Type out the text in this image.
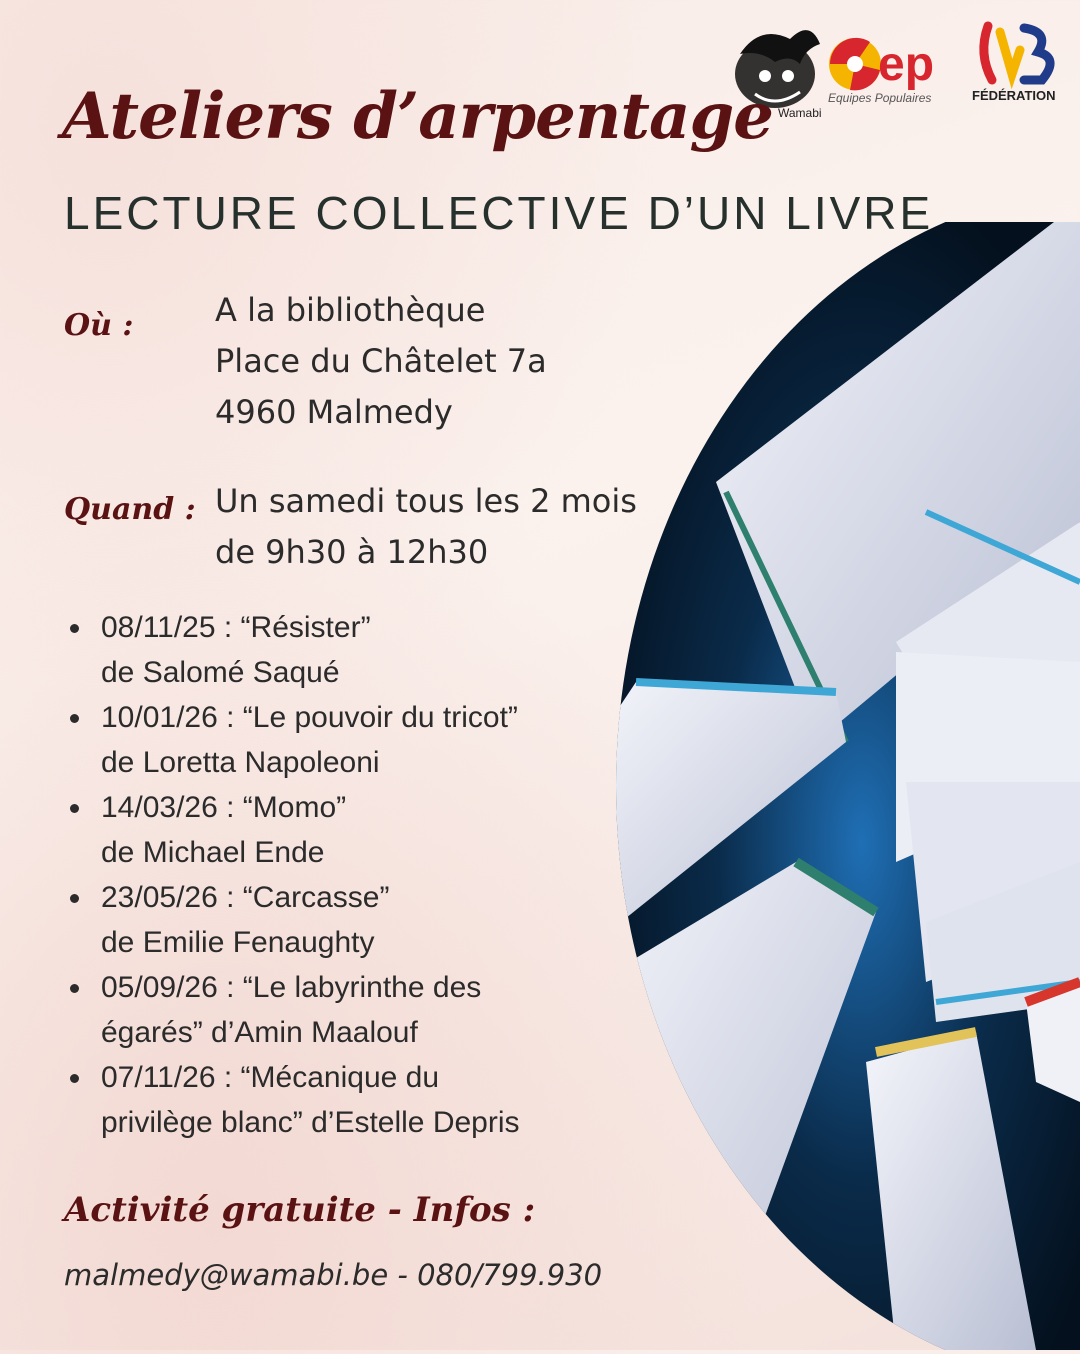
Wamabi
ep
Equipes Populaires	FÉDÉRATION
Ateliers d’arpentage
LECTURE COLLECTIVE D’UN LIVRE
Où :	A la bibliothèque
Place du Châtelet 7a
4960 Malmedy
Quand : Un samedi tous les 2 mois
de 9h30 à 12h30
08/11/25 : “Résister”
de Salomé Saqué
10/01/26 : “Le pouvoir du tricot”
de Loretta Napoleoni
14/03/26 : “Momo”
de Michael Ende
23/05/26 : “Carcasse”
de Emilie Fenaughty
05/09/26 : “Le labyrinthe des
égarés” d’Amin Maalouf
07/11/26 : “Mécanique du
privilège blanc” d’Estelle Depris
Activité gratuite - Infos :
malmedy@wamabi.be - 080/799.930
